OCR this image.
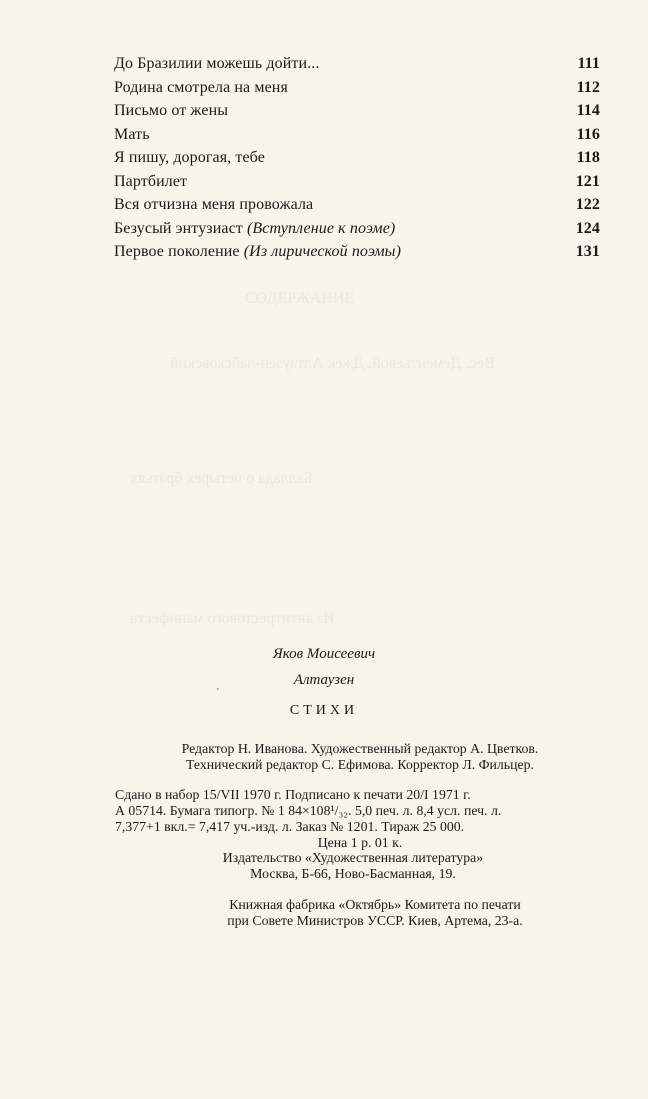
Вес. Дементьевой. Джек Алтаузен-лайсковский
СОДЕРЖАНИЕ
Баллада о четырех братьях
Из антитрестового манифеста
До Бразилии можешь дойти...	111
Родина смотрела на меня	112
Письмо от жены	114
Мать	116
Я пишу, дорогая, тебе	118
Партбилет	121
Вся отчизна меня провожала	122
Безусый энтузиаст (Вступление к поэме)	124
Первое поколение (Из лирической поэмы)	131
Яков Моисеевич
'
Алтаузен
СТИХИ
Редактор Н. Иванова. Художественный редактор А. Цветков.
Технический редактор С. Ефимова. Корректор Л. Фильцер.
Сдано в набор 15/VII 1970 г. Подписано к печати 20/I 1971 г.
А 05714. Бумага типогр. № 1 84×108¹/₃₂. 5,0 печ. л. 8,4 усл. печ. л.
7,377+1 вкл.= 7,417 уч.-изд. л. Заказ № 1201. Тираж 25 000.
Цена 1 р. 01 к.
Издательство «Художественная литература»
Москва, Б-66, Ново-Басманная, 19.
Книжная фабрика «Октябрь» Комитета по печати
при Совете Министров УССР. Киев, Артема, 23-а.
